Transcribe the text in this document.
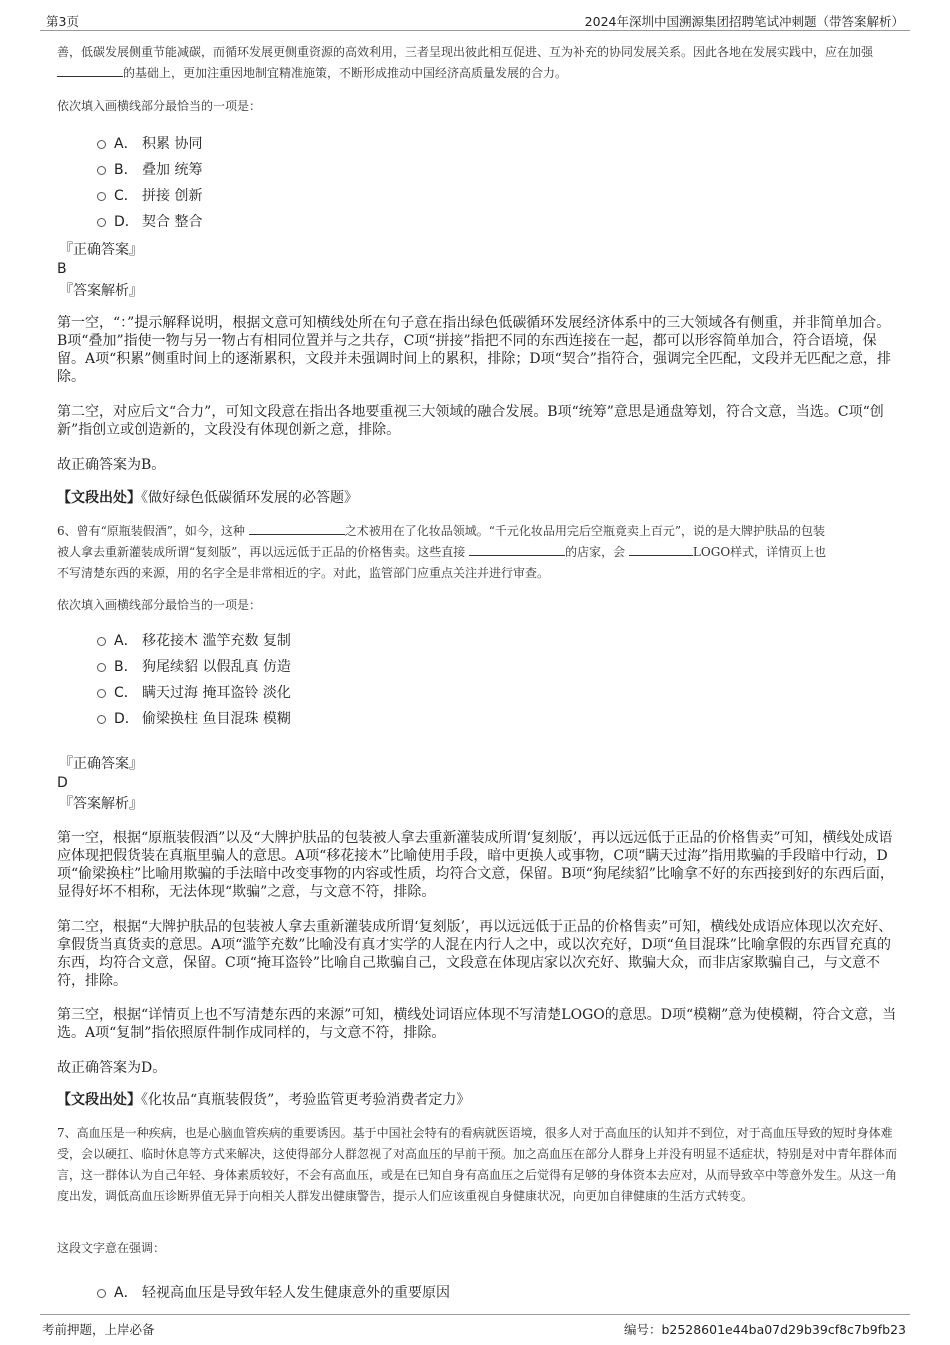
第3页	2024年深圳中国溯源集团招聘笔试冲刺题（带答案解析）

善，低碳发展侧重节能减碳，而循环发展更侧重资源的高效利用，三者呈现出彼此相互促进、互为补充的协同发展关系。因此各地在发展实践中，应在加强 的基础上，更加注重因地制宜精准施策，不断形成推动中国经济高质量发展的合力。

依次填入画横线部分最恰当的一项是：

A． 积累 协同
B． 叠加 统筹
C． 拼接 创新
D． 契合 整合
『正确答案』
B
『答案解析』

第一空，“：”提示解释说明，根据文意可知横线处所在句子意在指出绿色低碳循环发展经济体系中的三大领域各有侧重，并非简单加合。B项“叠加”指使一物与另一物占有相同位置并与之共存，C项“拼接”指把不同的东西连接在一起，都可以形容简单加合，符合语境，保留。A项“积累”侧重时间上的逐渐累积，文段并未强调时间上的累积，排除；D项“契合”指符合，强调完全匹配，文段并无匹配之意，排除。

第二空，对应后文“合力”，可知文段意在指出各地要重视三大领域的融合发展。B项“统筹”意思是通盘筹划，符合文意，当选。C项“创新”指创立或创造新的，文段没有体现创新之意，排除。

故正确答案为B。

【文段出处】《做好绿色低碳循环发展的必答题》
6、曾有“原瓶装假酒”，如今，这种	之术被用在了化妆品领域。“千元化妆品用完后空瓶竟卖上百元”，说的是大牌护肤品的包装
被人拿去重新灌装成所谓“复刻版”，再以远远低于正品的价格售卖。这些直接	的店家，会	LOGO样式，详情页上也
不写清楚东西的来源，用的名字全是非常相近的字。对此，监管部门应重点关注并进行审查。

依次填入画横线部分最恰当的一项是：

A． 移花接木 滥竽充数 复制
B． 狗尾续貂 以假乱真 仿造
C． 瞒天过海 掩耳盗铃 淡化
D． 偷梁换柱 鱼目混珠 模糊
『正确答案』
D
『答案解析』

第一空，根据“原瓶装假酒”以及“大牌护肤品的包装被人拿去重新灌装成所谓‘复刻版’，再以远远低于正品的价格售卖”可知，横线处成语应体现把假货装在真瓶里骗人的意思。A项“移花接木”比喻使用手段，暗中更换人或事物，C项“瞒天过海”指用欺骗的手段暗中行动，D项“偷梁换柱”比喻用欺骗的手法暗中改变事物的内容或性质，均符合文意，保留。B项“狗尾续貂”比喻拿不好的东西接到好的东西后面，显得好坏不相称，无法体现“欺骗”之意，与文意不符，排除。

第二空，根据“大牌护肤品的包装被人拿去重新灌装成所谓‘复刻版’，再以远远低于正品的价格售卖”可知，横线处成语应体现以次充好、拿假货当真货卖的意思。A项“滥竽充数”比喻没有真才实学的人混在内行人之中，或以次充好，D项“鱼目混珠”比喻拿假的东西冒充真的东西，均符合文意，保留。C项“掩耳盗铃”比喻自己欺骗自己，文段意在体现店家以次充好、欺骗大众，而非店家欺骗自己，与文意不符，排除。

第三空，根据“详情页上也不写清楚东西的来源”可知，横线处词语应体现不写清楚LOGO的意思。D项“模糊”意为使模糊，符合文意，当选。A项“复制”指依照原件制作成同样的，与文意不符，排除。

故正确答案为D。

【文段出处】《化妆品“真瓶装假货”，考验监管更考验消费者定力》

7、高血压是一种疾病，也是心脑血管疾病的重要诱因。基于中国社会特有的看病就医语境，很多人对于高血压的认知并不到位，对于高血压导致的短时身体难受，会以硬扛、临时休息等方式来解决，这使得部分人群忽视了对高血压的早前干预。加之高血压在部分人群身上并没有明显不适症状，特别是对中青年群体而言，这一群体认为自己年轻、身体素质较好，不会有高血压，或是在已知自身有高血压之后觉得有足够的身体资本去应对，从而导致卒中等意外发生。从这一角度出发，调低高血压诊断界值无异于向相关人群发出健康警告，提示人们应该重视自身健康状况，向更加自律健康的生活方式转变。

这段文字意在强调：

A． 轻视高血压是导致年轻人发生健康意外的重要原因
考前押题，上岸必备	编号：b2528601e44ba07d29b39cf8c7b9fb23
